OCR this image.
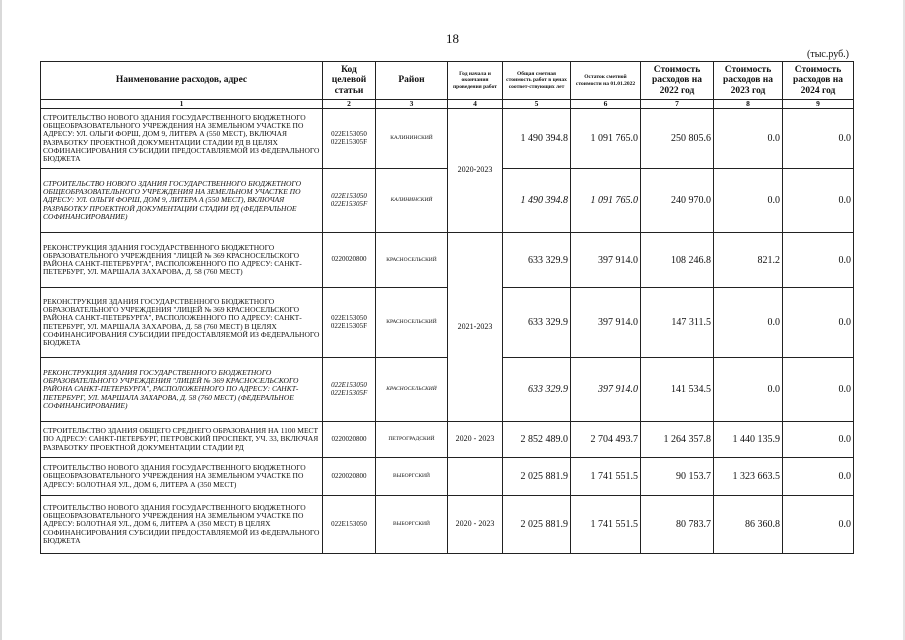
18
(тыс.руб.)
Наименование расходов, адрес	Код целевой статьи	Район	Год начала и окончания проведения работ	Общая сметная стоимость работ в ценах соответ-ствующих лет	Остаток сметной стоимости на 01.01.2022	Стоимость расходов на 2022 год	Стоимость расходов на 2023 год	Стоимость расходов на 2024 год
1	2	3	4	5	6	7	8	9
СТРОИТЕЛЬСТВО НОВОГО ЗДАНИЯ ГОСУДАРСТВЕННОГО БЮДЖЕТНОГО ОБЩЕОБРАЗОВАТЕЛЬНОГО УЧРЕЖДЕНИЯ НА ЗЕМЕЛЬНОМ УЧАСТКЕ ПО АДРЕСУ: УЛ. ОЛЬГИ ФОРШ, ДОМ 9, ЛИТЕРА А (550 МЕСТ), ВКЛЮЧАЯ РАЗРАБОТКУ ПРОЕКТНОЙ ДОКУМЕНТАЦИИ СТАДИИ РД В ЦЕЛЯХ СОФИНАНСИРОВАНИЯ СУБСИДИИ ПРЕДОСТАВЛЯЕМОЙ ИЗ ФЕДЕРАЛЬНОГО БЮДЖЕТА	022E153050 022E15305F	КАЛИНИНСКИЙ	2020-2023	1 490 394.8	1 091 765.0	250 805.6	0.0	0.0
СТРОИТЕЛЬСТВО НОВОГО ЗДАНИЯ ГОСУДАРСТВЕННОГО БЮДЖЕТНОГО ОБЩЕОБРАЗОВАТЕЛЬНОГО УЧРЕЖДЕНИЯ НА ЗЕМЕЛЬНОМ УЧАСТКЕ ПО АДРЕСУ: УЛ. ОЛЬГИ ФОРШ, ДОМ 9, ЛИТЕРА А (550 МЕСТ), ВКЛЮЧАЯ РАЗРАБОТКУ ПРОЕКТНОЙ ДОКУМЕНТАЦИИ СТАДИИ РД (ФЕДЕРАЛЬНОЕ СОФИНАНСИРОВАНИЕ)	022E153050 022E15305F	КАЛИНИНСКИЙ		1 490 394.8	1 091 765.0	240 970.0	0.0	0.0
РЕКОНСТРУКЦИЯ ЗДАНИЯ ГОСУДАРСТВЕННОГО БЮДЖЕТНОГО ОБРАЗОВАТЕЛЬНОГО УЧРЕЖДЕНИЯ "ЛИЦЕЙ № 369 КРАСНОСЕЛЬСКОГО РАЙОНА САНКТ-ПЕТЕРБУРГА", РАСПОЛОЖЕННОГО ПО АДРЕСУ: САНКТ-ПЕТЕРБУРГ, УЛ. МАРШАЛА ЗАХАРОВА, Д. 58 (760 МЕСТ)	0220020800	КРАСНОСЕЛЬСКИЙ	2021-2023	633 329.9	397 914.0	108 246.8	821.2	0.0
РЕКОНСТРУКЦИЯ ЗДАНИЯ ГОСУДАРСТВЕННОГО БЮДЖЕТНОГО ОБРАЗОВАТЕЛЬНОГО УЧРЕЖДЕНИЯ "ЛИЦЕЙ № 369 КРАСНОСЕЛЬСКОГО РАЙОНА САНКТ-ПЕТЕРБУРГА", РАСПОЛОЖЕННОГО ПО АДРЕСУ: САНКТ-ПЕТЕРБУРГ, УЛ. МАРШАЛА ЗАХАРОВА, Д. 58 (760 МЕСТ) В ЦЕЛЯХ СОФИНАНСИРОВАНИЯ СУБСИДИИ ПРЕДОСТАВЛЯЕМОЙ ИЗ ФЕДЕРАЛЬНОГО БЮДЖЕТА	022E153050 022E15305F	КРАСНОСЕЛЬСКИЙ		633 329.9	397 914.0	147 311.5	0.0	0.0
РЕКОНСТРУКЦИЯ ЗДАНИЯ ГОСУДАРСТВЕННОГО БЮДЖЕТНОГО ОБРАЗОВАТЕЛЬНОГО УЧРЕЖДЕНИЯ "ЛИЦЕЙ № 369 КРАСНОСЕЛЬСКОГО РАЙОНА САНКТ-ПЕТЕРБУРГА", РАСПОЛОЖЕННОГО ПО АДРЕСУ: САНКТ-ПЕТЕРБУРГ, УЛ. МАРШАЛА ЗАХАРОВА, Д. 58 (760 МЕСТ) (ФЕДЕРАЛЬНОЕ СОФИНАНСИРОВАНИЕ)	022E153050 022E15305F	КРАСНОСЕЛЬСКИЙ		633 329.9	397 914.0	141 534.5	0.0	0.0
СТРОИТЕЛЬСТВО ЗДАНИЯ ОБЩЕГО СРЕДНЕГО ОБРАЗОВАНИЯ НА 1100 МЕСТ ПО АДРЕСУ: САНКТ-ПЕТЕРБУРГ, ПЕТРОВСКИЙ ПРОСПЕКТ, УЧ. 33, ВКЛЮЧАЯ РАЗРАБОТКУ ПРОЕКТНОЙ ДОКУМЕНТАЦИИ СТАДИИ РД	0220020800	ПЕТРОГРАДСКИЙ	2020 - 2023	2 852 489.0	2 704 493.7	1 264 357.8	1 440 135.9	0.0
СТРОИТЕЛЬСТВО НОВОГО ЗДАНИЯ ГОСУДАРСТВЕННОГО БЮДЖЕТНОГО ОБЩЕОБРАЗОВАТЕЛЬНОГО УЧРЕЖДЕНИЯ НА ЗЕМЕЛЬНОМ УЧАСТКЕ ПО АДРЕСУ: БОЛОТНАЯ УЛ., ДОМ 6, ЛИТЕРА А (350 МЕСТ)	0220020800	ВЫБОРГСКИЙ		2 025 881.9	1 741 551.5	90 153.7	1 323 663.5	0.0
СТРОИТЕЛЬСТВО НОВОГО ЗДАНИЯ ГОСУДАРСТВЕННОГО БЮДЖЕТНОГО ОБЩЕОБРАЗОВАТЕЛЬНОГО УЧРЕЖДЕНИЯ НА ЗЕМЕЛЬНОМ УЧАСТКЕ ПО АДРЕСУ: БОЛОТНАЯ УЛ., ДОМ 6, ЛИТЕРА А (350 МЕСТ) В ЦЕЛЯХ СОФИНАНСИРОВАНИЯ СУБСИДИИ ПРЕДОСТАВЛЯЕМОЙ ИЗ ФЕДЕРАЛЬНОГО БЮДЖЕТА	022E153050	ВЫБОРГСКИЙ	2020 - 2023	2 025 881.9	1 741 551.5	80 783.7	86 360.8	0.0
